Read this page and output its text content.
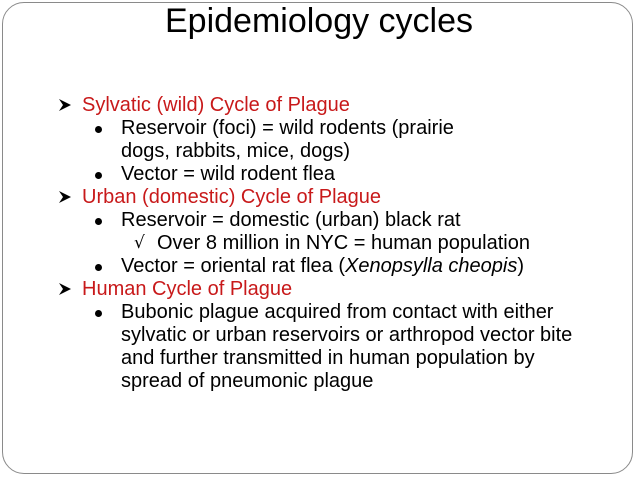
Epidemiology cycles
Sylvatic (wild) Cycle of Plague
Reservoir (foci) = wild rodents (prairie
dogs, rabbits, mice, dogs)
Vector = wild rodent flea
Urban (domestic) Cycle of Plague
Reservoir = domestic (urban) black rat
√ Over 8 million in NYC = human population
Vector = oriental rat flea (Xenopsylla cheopis)
Human Cycle of Plague
Bubonic plague acquired from contact with either
sylvatic or urban reservoirs or arthropod vector bite
and further transmitted in human population by
spread of pneumonic plague
